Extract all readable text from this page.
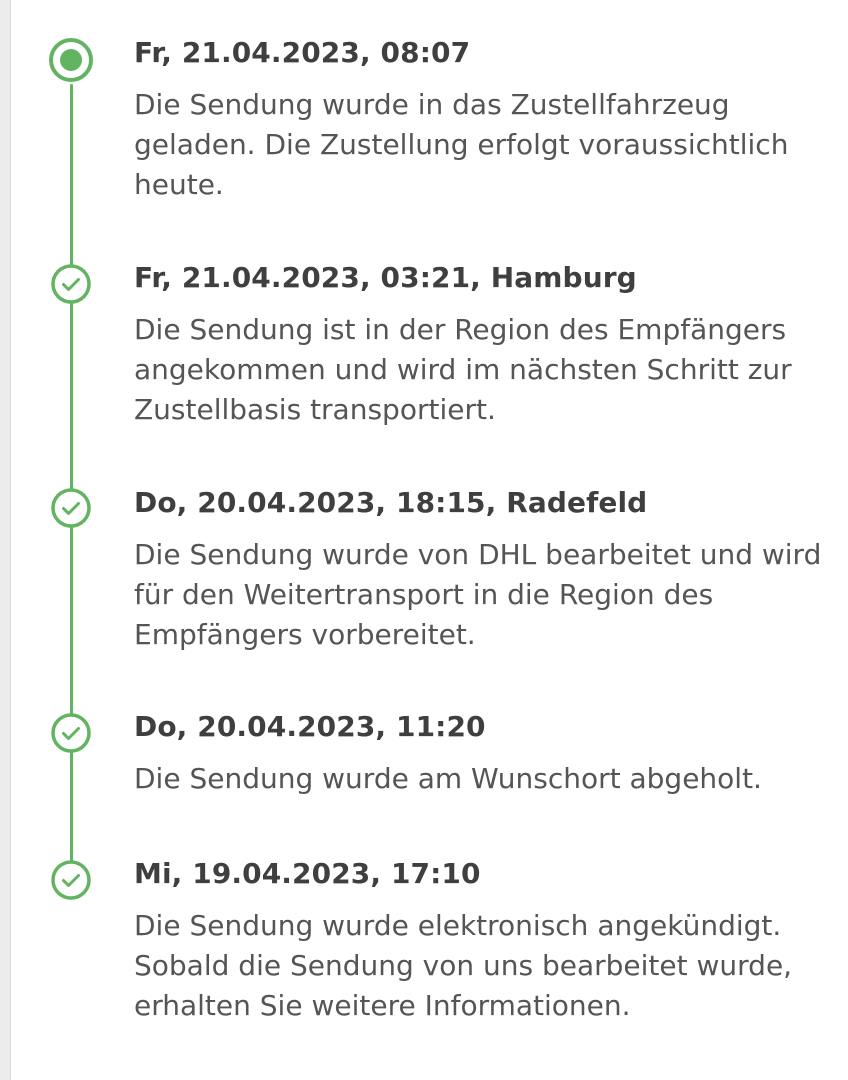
Fr, 21.04.2023, 08:07
Die Sendung wurde in das Zustellfahrzeug geladen. Die Zustellung erfolgt voraussichtlich heute.
Fr, 21.04.2023, 03:21, Hamburg
Die Sendung ist in der Region des Empfängers angekommen und wird im nächsten Schritt zur Zustellbasis transportiert.
Do, 20.04.2023, 18:15, Radefeld
Die Sendung wurde von DHL bearbeitet und wird für den Weitertransport in die Region des Empfängers vorbereitet.
Do, 20.04.2023, 11:20
Die Sendung wurde am Wunschort abgeholt.
Mi, 19.04.2023, 17:10
Die Sendung wurde elektronisch angekündigt. Sobald die Sendung von uns bearbeitet wurde, erhalten Sie weitere Informationen.
